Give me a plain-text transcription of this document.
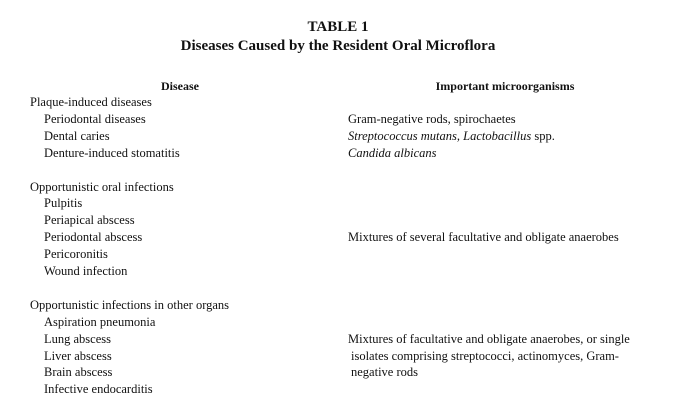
TABLE 1
Diseases Caused by the Resident Oral Microflora
Disease	Important microorganisms
Plaque-induced diseases
Periodontal diseases
Dental caries
Denture-induced stomatitis
Opportunistic oral infections
Pulpitis
Periapical abscess
Periodontal abscess
Pericoronitis
Wound infection
Opportunistic infections in other organs
Aspiration pneumonia
Lung abscess
Liver abscess
Brain abscess
Infective endocarditis
Gram-negative rods, spirochaetes
Streptococcus mutans, Lactobacillus spp.
Candida albicans
Mixtures of several facultative and obligate anaerobes
Mixtures of facultative and obligate anaerobes, or single
isolates comprising streptococci, actinomyces, Gram-
negative rods
